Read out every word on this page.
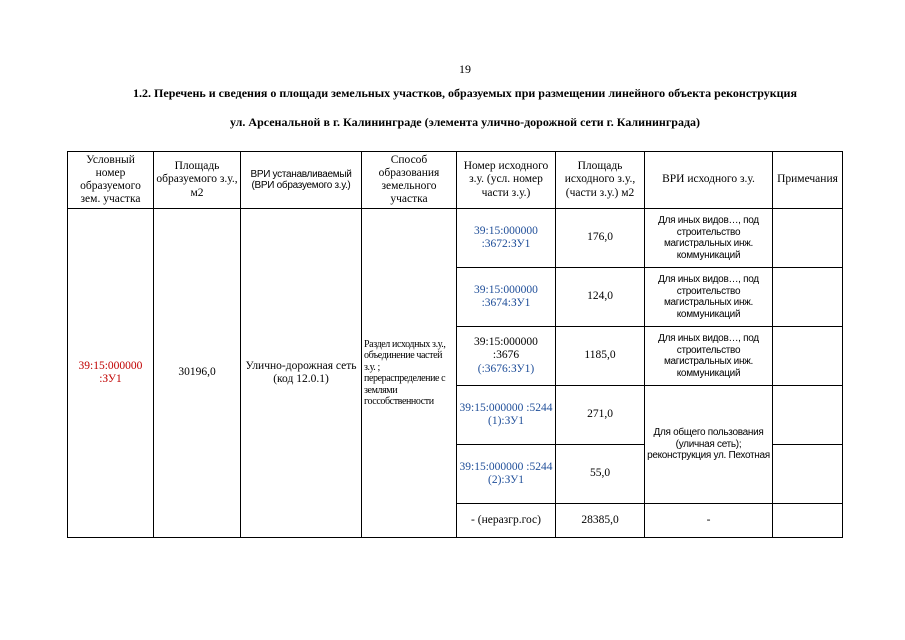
19
1.2. Перечень и сведения о площади земельных участков, образуемых при размещении линейного объекта реконструкция
ул. Арсенальной в г. Калининграде (элемента улично-дорожной сети г. Калининграда)
Условный номер образуемого зем. участка	Площадь образуемого з.у., м2	ВРИ устанавливаемый (ВРИ образуемого з.у.)	Способ образования земельного участка	Номер исходного з.у. (усл. номер части з.у.)	Площадь исходного з.у., (части з.у.) м2	ВРИ исходного з.у.	Примечания
39:15:000000 :ЗУ1	30196,0	Улично-дорожная сеть (код 12.0.1)	Раздел исходных з.у., объединение частей з.у. ; перераспределение с землями госсобственности	39:15:000000 :3672:ЗУ1	176,0	Для иных видов…, под строительство магистральных инж. коммуникаций	
				39:15:000000 :3674:ЗУ1	124,0	Для иных видов…, под строительство магистральных инж. коммуникаций	

				39:15:000000
:3676
(:3676:ЗУ1)	1185,0	Для иных видов…, под строительство магистральных инж. коммуникаций	
				39:15:000000 :5244 (1):ЗУ1	271,0	Для общего пользования (уличная сеть); реконструкция ул. Пехотная	
				39:15:000000 :5244 (2):ЗУ1	55,0		
				- (неразгр.гос)	28385,0	-	
